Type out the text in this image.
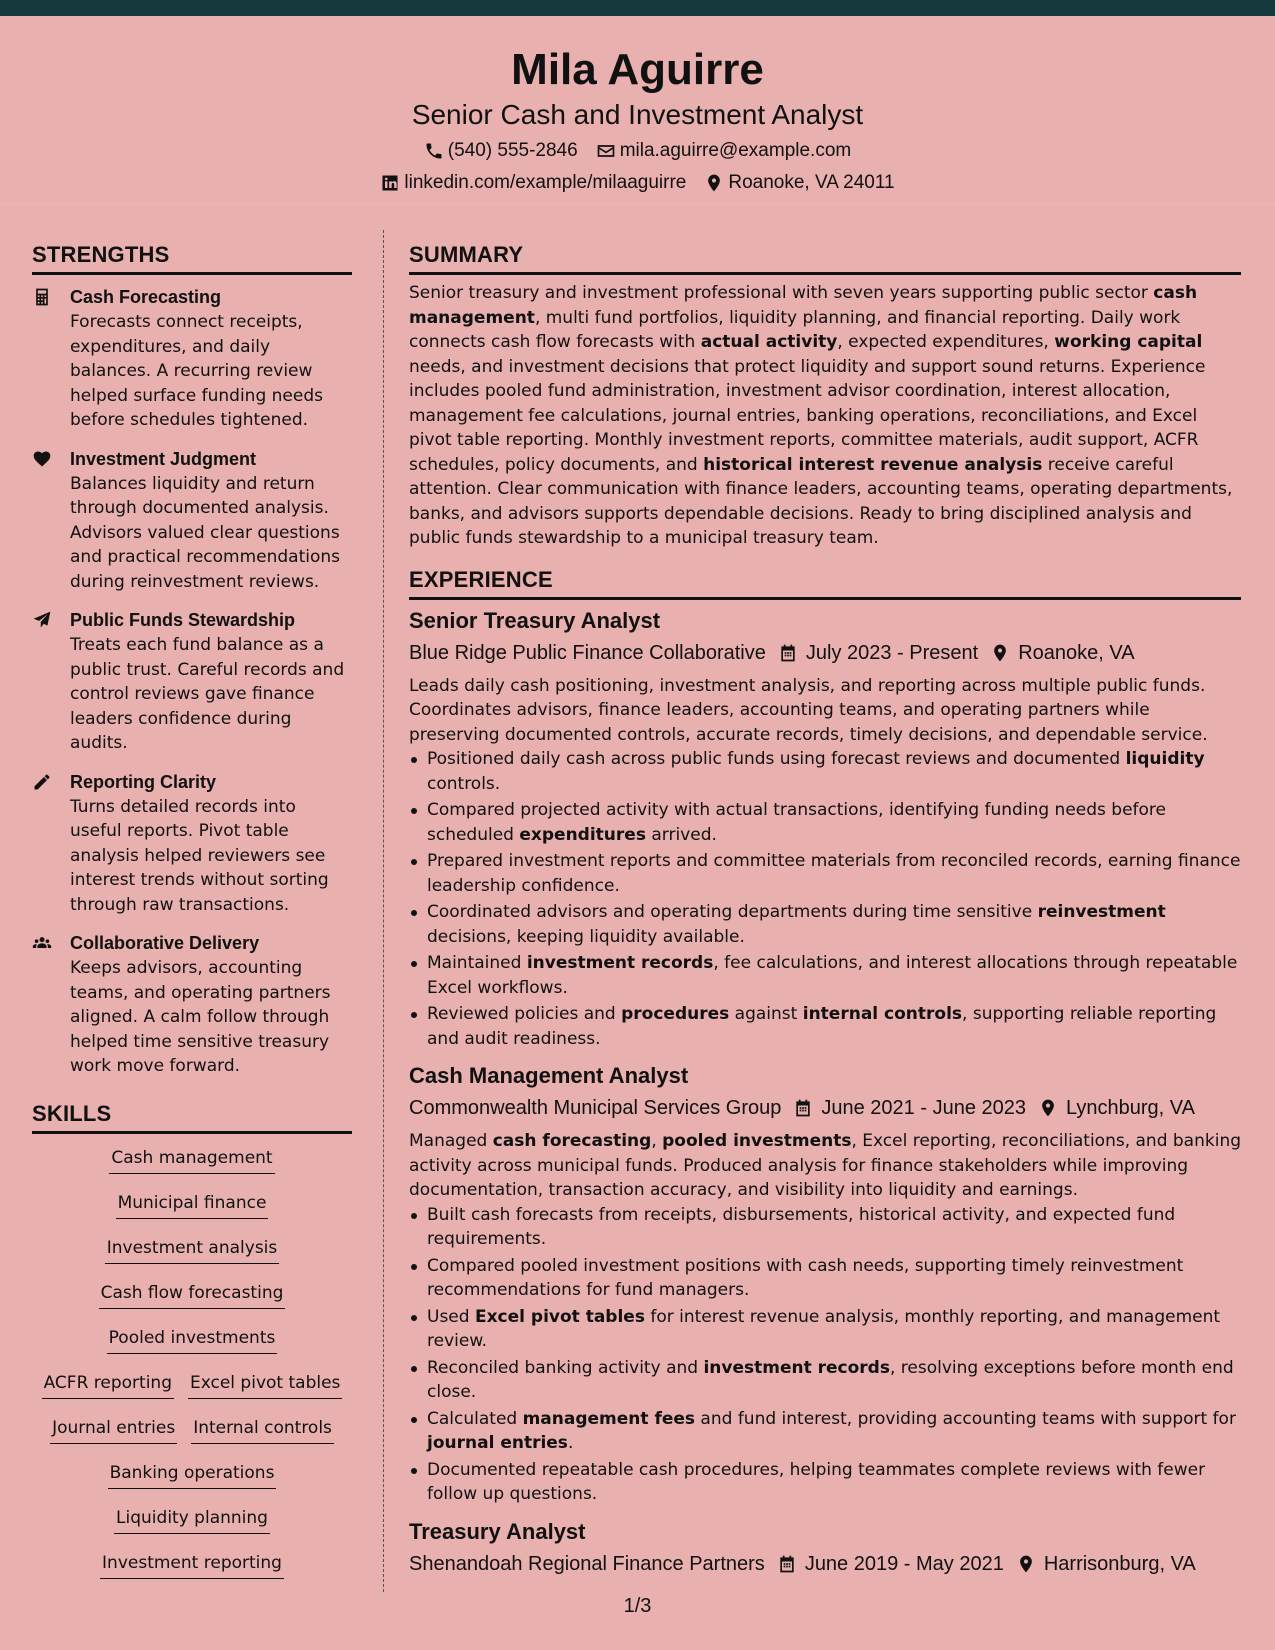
Mila Aguirre
Senior Cash and Investment Analyst
(540) 555-2846 mila.aguirre@example.com
linkedin.com/example/milaaguirre Roanoke, VA 24011
STRENGTHS
Cash Forecasting
Forecasts connect receipts, expenditures, and daily balances. A recurring review helped surface funding needs before schedules tightened.
Investment Judgment
Balances liquidity and return through documented analysis. Advisors valued clear questions and practical recommendations during reinvestment reviews.
Public Funds Stewardship
Treats each fund balance as a public trust. Careful records and control reviews gave finance leaders confidence during audits.
Reporting Clarity
Turns detailed records into useful reports. Pivot table analysis helped reviewers see interest trends without sorting through raw transactions.
Collaborative Delivery
Keeps advisors, accounting teams, and operating partners aligned. A calm follow through helped time sensitive treasury work move forward.
SKILLS
Cash management
Municipal finance
Investment analysis
Cash flow forecasting
Pooled investments
ACFR reporting Excel pivot tables
Journal entries Internal controls
Banking operations
Liquidity planning
Investment reporting
SUMMARY

Senior treasury and investment professional with seven years supporting public sector cash management, multi fund portfolios, liquidity planning, and financial reporting. Daily work connects cash flow forecasts with actual activity, expected expenditures, working capital needs, and investment decisions that protect liquidity and support sound returns. Experience includes pooled fund administration, investment advisor coordination, interest allocation, management fee calculations, journal entries, banking operations, reconciliations, and Excel pivot table reporting. Monthly investment reports, committee materials, audit support, ACFR schedules, policy documents, and historical interest revenue analysis receive careful attention. Clear communication with finance leaders, accounting teams, operating departments, banks, and advisors supports dependable decisions. Ready to bring disciplined analysis and public funds stewardship to a municipal treasury team.

EXPERIENCE
Senior Treasury Analyst
Blue Ridge Public Finance Collaborative July 2023 - Present Roanoke, VA

Leads daily cash positioning, investment analysis, and reporting across multiple public funds. Coordinates advisors, finance leaders, accounting teams, and operating partners while preserving documented controls, accurate records, timely decisions, and dependable service.

Positioned daily cash across public funds using forecast reviews and documented liquidity controls.
Compared projected activity with actual transactions, identifying funding needs before scheduled expenditures arrived.
Prepared investment reports and committee materials from reconciled records, earning finance leadership confidence.
Coordinated advisors and operating departments during time sensitive reinvestment decisions, keeping liquidity available.
Maintained investment records, fee calculations, and interest allocations through repeatable Excel workflows.
Reviewed policies and procedures against internal controls, supporting reliable reporting and audit readiness.
Cash Management Analyst
Commonwealth Municipal Services Group June 2021 - June 2023 Lynchburg, VA

Managed cash forecasting, pooled investments, Excel reporting, reconciliations, and banking activity across municipal funds. Produced analysis for finance stakeholders while improving documentation, transaction accuracy, and visibility into liquidity and earnings.

Built cash forecasts from receipts, disbursements, historical activity, and expected fund requirements.
Compared pooled investment positions with cash needs, supporting timely reinvestment recommendations for fund managers.
Used Excel pivot tables for interest revenue analysis, monthly reporting, and management review.
Reconciled banking activity and investment records, resolving exceptions before month end close.
Calculated management fees and fund interest, providing accounting teams with support for journal entries.
Documented repeatable cash procedures, helping teammates complete reviews with fewer follow up questions.
Treasury Analyst
Shenandoah Regional Finance Partners June 2019 - May 2021 Harrisonburg, VA
1/3
